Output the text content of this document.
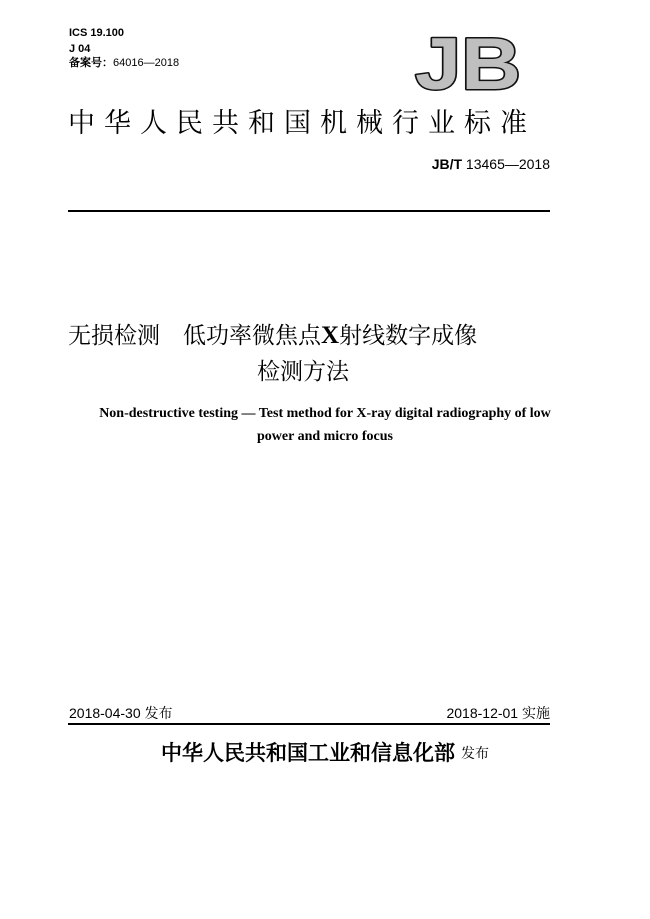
ICS 19.100
J 04
备案号：64016—2018	JB
中华人民共和国机械行业标准
JB/T 13465—2018
无损检测　低功率微焦点X射线数字成像
检测方法
Non-destructive testing — Test method for X-ray digital radiography of low
power and micro focus
2018-04-30 发布	2018-12-01 实施
中华人民共和国工业和信息化部 发布
